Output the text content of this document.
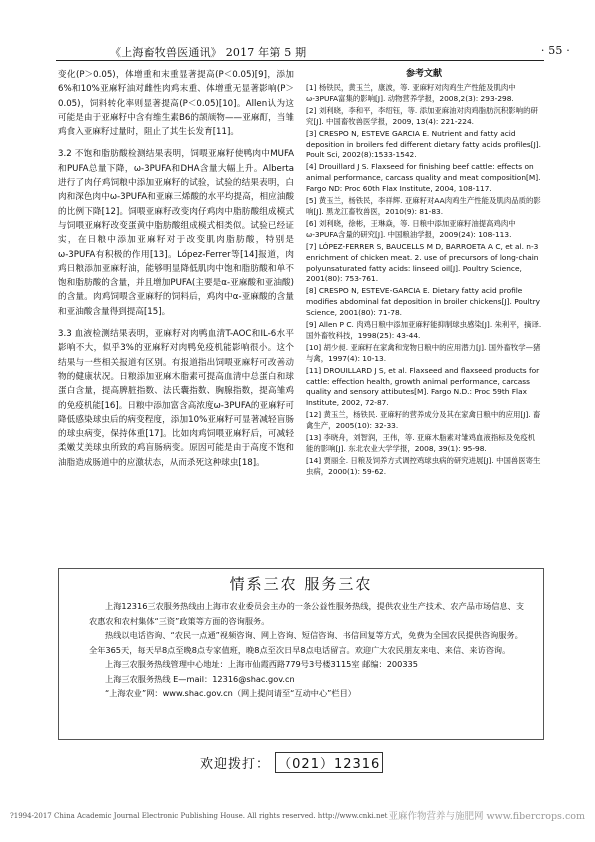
《上海畜牧兽医通讯》 2017 年第 5 期	· 55 ·

变化(P＞0.05)，体增重和末重显著提高(P＜0.05)[9]，添加6%和10%亚麻籽油对雌性肉鸡末重、体增重无显著影响(P＞0.05)，饲料转化率则显著提高(P＜0.05)[10]。Allen认为这可能是由于亚麻籽中含有维生素B6的颉颃物——亚麻酊，当雏鸡食入亚麻籽过量时，阻止了其生长发育[11]。

3.2 不饱和脂肪酸检测结果表明，饲喂亚麻籽使鸭肉中MUFA和PUFA总量下降，ω-3PUFA和DHA含量大幅上升。Alberta进行了肉仔鸡饲粮中添加亚麻籽的试验，试验的结果表明，白肉和深色肉中ω-3PUFA和亚麻三烯酸的水平均提高，相应油酸的比例下降[12]。饲喂亚麻籽改变肉仔鸡肉中脂肪酸组成模式与饲喂亚麻籽改变蛋黄中脂肪酸组成模式相类似。试验已经证实，在日粮中添加亚麻籽对于改变肌肉脂肪酸，特别是ω-3PUFA有积极的作用[13]。López-Ferrer等[14]报道，肉鸡日粮添加亚麻籽油，能够明显降低肌肉中饱和脂肪酸和单不饱和脂肪酸的含量，并且增加PUFA(主要是α-亚麻酸和亚油酸)的含量。肉鸡饲喂含亚麻籽的饲料后，鸡肉中α-亚麻酸的含量和亚油酸含量得到提高[15]。

3.3 血液检测结果表明，亚麻籽对肉鸭血清T-AOC和IL-6水平影响不大，似乎3%的亚麻籽对肉鸭免疫机能影响很小。这个结果与一些相关报道有区别。有报道指出饲喂亚麻籽可改善动物的健康状况。日粮添加亚麻木脂素可提高血清中总蛋白和球蛋白含量，提高脾脏指数、法氏囊指数、胸腺指数，提高雏鸡的免疫机能[16]。日粮中添加富含高浓度ω-3PUFA的亚麻籽可降低感染球虫后的病变程度，添加10%亚麻籽可显著减轻盲肠的球虫病变，保持体重[17]。比如肉鸡饲喂亚麻籽后，可减轻柔嫩艾美球虫所致的鸡盲肠病变。原因可能是由于高度不饱和油脂造成肠道中的应激状态，从而杀死这种球虫[18]。

参考文献
[1] 杨铁民，黄玉兰，康波，等. 亚麻籽对肉鸡生产性能及肌肉中ω-3PUFA富集的影响[J]. 动物营养学报，2008,2(3): 293-298.
[2] 刘利晓，李和平，李绍钰，等. 添加亚麻油对肉鸡脂肪沉积影响的研究[J]. 中国畜牧兽医学报，2009, 13(4): 221-224.
[3] CRESPO N, ESTEVE GARCIA E. Nutrient and fatty acid deposition in broilers fed different dietary fatty acids profiles[J]. Poult Sci, 2002(8):1533-1542.
[4] Drouillard J S. Flaxseed for finishing beef cattle: effects on animal performance, carcass quality and meat composition[M]. Fargo ND: Proc 60th Flax Institute, 2004, 108-117.
[5] 黄玉兰，杨铁民，李祥辉. 亚麻籽对AA肉鸡生产性能及肌肉品质的影响[J]. 黑龙江畜牧兽医，2010(9): 81-83.
[6] 刘利晓，徐彬，王琳焱，等. 日粮中添加亚麻籽油提高鸡肉中ω-3PUFA含量的研究[J]. 中国粮油学报，2009(24): 108-113.
[7] LÓPEZ-FERRER S, BAUCELLS M D, BARROETA A C, et al. n-3 enrichment of chicken meat. 2. use of precursors of long-chain polyunsaturated fatty acids: linseed oil[J]. Poultry Science, 2001(80): 753-761.
[8] CRESPO N, ESTEVE-GARCIA E. Dietary fatty acid profile modifies abdominal fat deposition in broiler chickens[J]. Poultry Science, 2001(80): 71-78.
[9] Allen P C. 肉鸡日粮中添加亚麻籽能抑制球虫感染[J]. 朱利平，摘译. 国外畜牧科技，1998(25): 43-44.
[10] 胡少昶. 亚麻籽在家禽和宠物日粮中的应用潜力[J]. 国外畜牧学—猪与禽，1997(4): 10-13.
[11] DROUILLARD J S, et al. Flaxseed and flaxseed products for cattle: effection health, growth animal performance, carcass quality and sensory attibutes[M]. Fargo N.D.: Proc 59th Flax Institute, 2002, 72-87.
[12] 黄玉兰，杨铁民. 亚麻籽的营养成分及其在家禽日粮中的应用[J]. 畜禽生产，2005(10): 32-33.
[13] 李晓舟，刘智润，王伟，等. 亚麻木脂素对雏鸡血液指标及免疫机能的影响[J]. 东北农业大学学报，2008, 39(1): 95-98.
[14] 贾丽全. 日粮及饲养方式调控鸡球虫病的研究进展[J]. 中国兽医寄生虫病，2000(1): 59-62.
情系三农 服务三农

上海12316三农服务热线由上海市农业委员会主办的一条公益性服务热线，提供农业生产技术、农产品市场信息、支农惠农和农村集体“三资”政策等方面的咨询服务。

热线以电话咨询、“农民一点通”视频咨询、网上咨询、短信咨询、书信回复等方式，免费为全国农民提供咨询服务。全年365天，每天早8点至晚8点专家值班，晚8点至次日早8点电话留言。欢迎广大农民朋友来电、来信、来访咨询。

上海三农服务热线管理中心地址：上海市仙霞西路779号3号楼3115室 邮编：200335

上海三农服务热线 E—mail：12316@shac.gov.cn

“上海农业”网：www.shac.gov.cn（网上提问请至“互动中心”栏目）

欢迎拨打： （021）12316
?1994-2017 China Academic Journal Electronic Publishing House. All rights reserved. http://www.cnki.net 亚麻作物营养与施肥网 www.fibercrops.com
